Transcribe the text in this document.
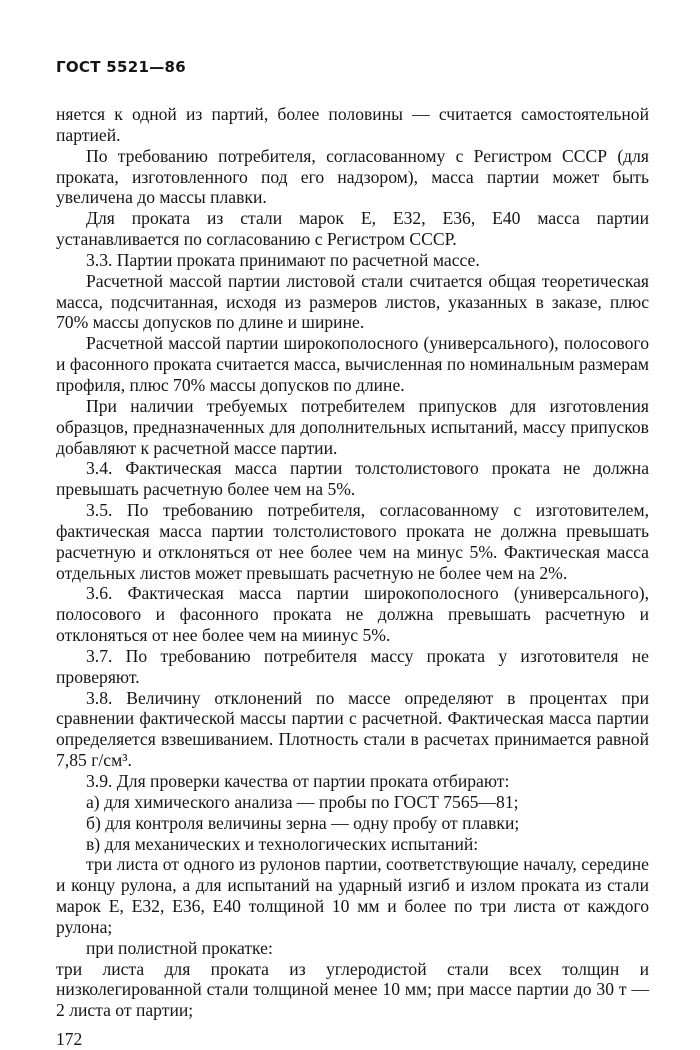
ГОСТ 5521—86

няется к одной из партий, более половины — считается самостоятельной партией.

По требованию потребителя, согласованному с Регистром СССР (для проката, изготовленного под его надзором), масса партии может быть увеличена до массы плавки.

Для проката из стали марок Е, Е32, Е36, Е40 масса партии устанавливается по согласованию с Регистром СССР.

3.3. Партии проката принимают по расчетной массе.

Расчетной массой партии листовой стали считается общая теоретическая масса, подсчитанная, исходя из размеров листов, указанных в заказе, плюс 70% массы допусков по длине и ширине.

Расчетной массой партии широкополосного (универсального), полосового и фасонного проката считается масса, вычисленная по номинальным размерам профиля, плюс 70% массы допусков по длине.

При наличии требуемых потребителем припусков для изготовления образцов, предназначенных для дополнительных испытаний, массу припусков добавляют к расчетной массе партии.

3.4. Фактическая масса партии толстолистового проката не должна превышать расчетную более чем на 5%.

3.5. По требованию потребителя, согласованному с изготовителем, фактическая масса партии толстолистового проката не должна превышать расчетную и отклоняться от нее более чем на минус 5%. Фактическая масса отдельных листов может превышать расчетную не более чем на 2%.

3.6. Фактическая масса партии широкополосного (универсального), полосового и фасонного проката не должна превышать расчетную и отклоняться от нее более чем на миинус 5%.

3.7. По требованию потребителя массу проката у изготовителя не проверяют.

3.8. Величину отклонений по массе определяют в процентах при сравнении фактической массы партии с расчетной. Фактическая масса партии определяется взвешиванием. Плотность стали в расчетах принимается равной 7,85 г/см³.

3.9. Для проверки качества от партии проката отбирают:

а) для химического анализа — пробы по ГОСТ 7565—81;

б) для контроля величины зерна — одну пробу от плавки;

в) для механических и технологических испытаний:

три листа от одного из рулонов партии, соответствующие началу, середине и концу рулона, а для испытаний на ударный изгиб и излом проката из стали марок Е, Е32, Е36, Е40 толщиной 10 мм и более по три листа от каждого рулона;

при полистной прокатке:

три листа для проката из углеродистой стали всех толщин и низколегированной стали толщиной менее 10 мм; при массе партии до 30 т — 2 листа от партии;

172
